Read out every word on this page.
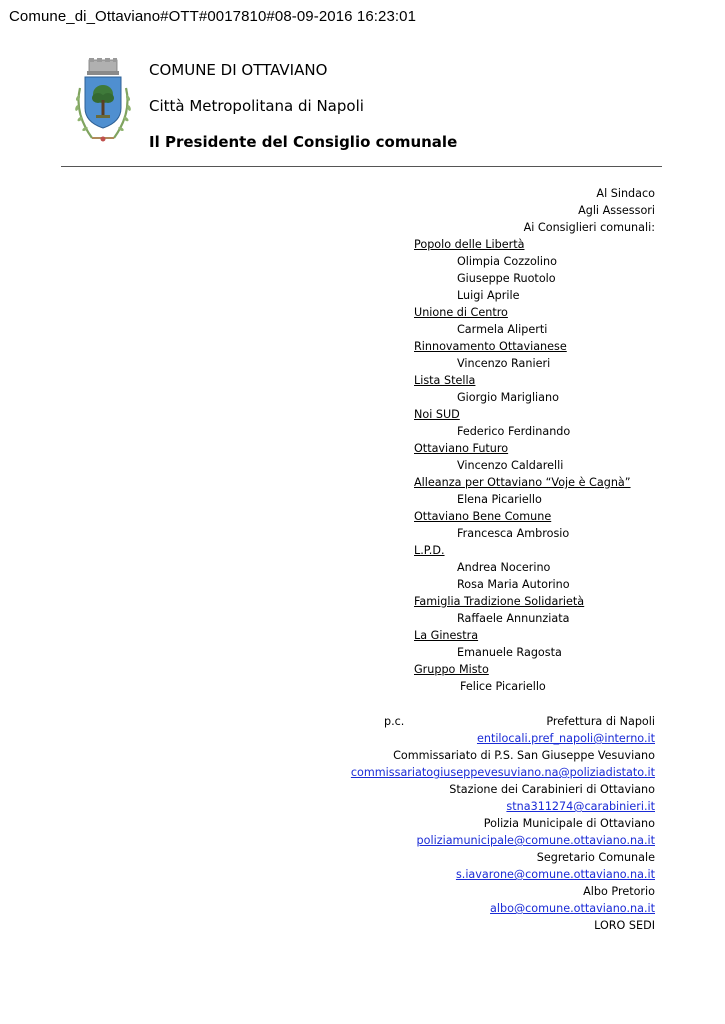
Comune_di_Ottaviano#OTT#0017810#08-09-2016 16:23:01
COMUNE DI OTTAVIANO
Città Metropolitana di Napoli
Il Presidente del Consiglio comunale
Al Sindaco
Agli Assessori
Ai Consiglieri comunali:
Popolo delle Libertà
Olimpia Cozzolino
Giuseppe Ruotolo
Luigi Aprile
Unione di Centro
Carmela Aliperti
Rinnovamento Ottavianese
Vincenzo Ranieri
Lista Stella
Giorgio Marigliano
Noi SUD
Federico Ferdinando
Ottaviano Futuro
Vincenzo Caldarelli
Alleanza per Ottaviano “Voje è Cagnà”
Elena Picariello
Ottaviano Bene Comune
Francesca Ambrosio
L.P.D.
Andrea Nocerino
Rosa Maria Autorino
Famiglia Tradizione Solidarietà
Raffaele Annunziata
La Ginestra
Emanuele Ragosta
Gruppo Misto
Felice Picariello
p.c.	Prefettura di Napoli
entilocali.pref_napoli@interno.it
Commissariato di P.S. San Giuseppe Vesuviano
commissariatogiuseppevesuviano.na@poliziadistato.it
Stazione dei Carabinieri di Ottaviano
stna311274@carabinieri.it
Polizia Municipale di Ottaviano
poliziamunicipale@comune.ottaviano.na.it
Segretario Comunale
s.iavarone@comune.ottaviano.na.it
Albo Pretorio
albo@comune.ottaviano.na.it
LORO SEDI
